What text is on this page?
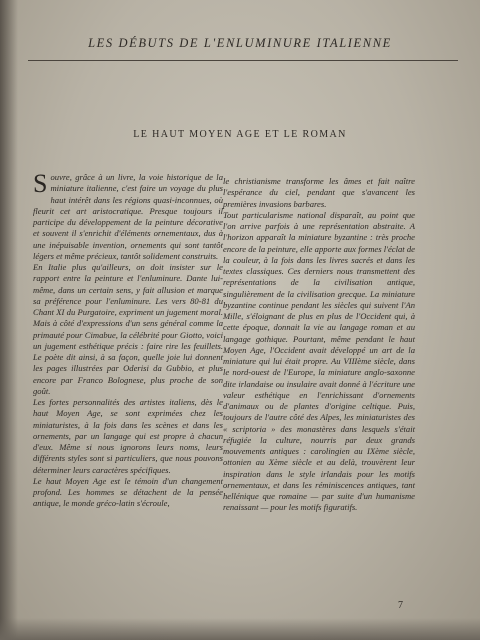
LES DÉBUTS DE L'ENLUMINURE ITALIENNE
LE HAUT MOYEN AGE ET LE ROMAN

Souvre, grâce à un livre, la voie historique de la miniature italienne, c'est faire un voyage du plus haut intérêt dans les régions quasi-inconnues, où fleurit cet art aristocratique. Presque toujours il participe du développement de la peinture décorative et souvent il s'enrichit d'éléments ornementaux, dus à une inépuisable invention, ornements qui sont tantôt légers et même précieux, tantôt solidement construits.

En Italie plus qu'ailleurs, on doit insister sur le rapport entre la peinture et l'enluminure. Dante lui-même, dans un certain sens, y fait allusion et marque sa préférence pour l'enluminure. Les vers 80-81 du Chant XI du Purgatoire, expriment un jugement moral. Mais à côté d'expressions d'un sens général comme la primauté pour Cimabue, la célébrité pour Giotto, voici un jugement esthétique précis : faire rire les feuillets. Le poète dit ainsi, à sa façon, quelle joie lui donnent les pages illustrées par Oderisi da Gubbio, et plus encore par Franco Bolognese, plus proche de son goût.

Les fortes personnalités des artistes italiens, dès le haut Moyen Age, se sont exprimées chez les miniaturistes, à la fois dans les scènes et dans les ornements, par un langage qui est propre à chacun d'eux. Même si nous ignorons leurs noms, leurs différents styles sont si particuliers, que nous pouvons déterminer leurs caractères spécifiques.

Le haut Moyen Age est le témoin d'un changement profond. Les hommes se détachent de la pensée antique, le monde gréco-latin s'écroule,

le christianisme transforme les âmes et fait naître l'espérance du ciel, pendant que s'avancent les premières invasions barbares.

Tout particularisme national disparaît, au point que l'on arrive parfois à une représentation abstraite. A l'horizon apparaît la miniature byzantine : très proche encore de la peinture, elle apporte aux formes l'éclat de la couleur, à la fois dans les livres sacrés et dans les textes classiques. Ces derniers nous transmettent des représentations de la civilisation antique, singulièrement de la civilisation grecque. La miniature byzantine continue pendant les siècles qui suivent l'An Mille, s'éloignant de plus en plus de l'Occident qui, à cette époque, donnait la vie au langage roman et au langage gothique. Pourtant, même pendant le haut Moyen Age, l'Occident avait développé un art de la miniature qui lui était propre. Au VIIIème siècle, dans le nord-ouest de l'Europe, la miniature anglo-saxonne dite irlandaise ou insulaire avait donné à l'écriture une valeur esthétique en l'enrichissant d'ornements d'animaux ou de plantes d'origine celtique. Puis, toujours de l'autre côté des Alpes, les miniaturistes des « scriptoria » des monastères dans lesquels s'était réfugiée la culture, nourris par deux grands mouvements antiques : carolingien au IXème siècle, ottonien au Xème siècle et au delà, trouvèrent leur inspiration dans le style irlandais pour les motifs ornementaux, et dans les réminiscences antiques, tant hellénique que romaine — par suite d'un humanisme renaissant — pour les motifs figuratifs.

7
